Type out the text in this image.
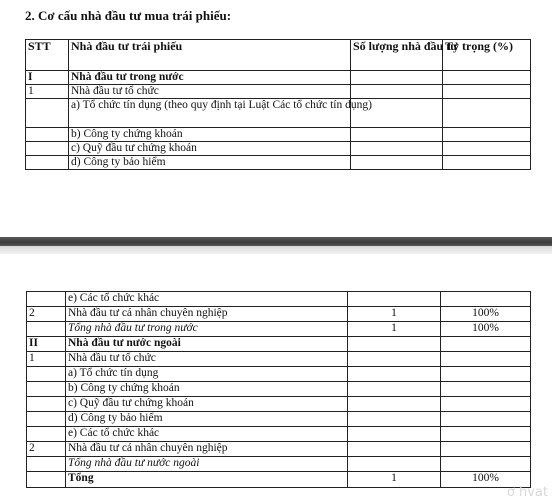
2. Cơ cấu nhà đầu tư mua trái phiếu:
STT	Nhà đầu tư trái phiếu	Số lượng nhà đầu tư	Tỷ trọng (%)
I	Nhà đầu tư trong nước		
1	Nhà đầu tư tổ chức		
	a) Tổ chức tín dụng (theo quy định tại Luật Các tổ chức tín dụng)		
	b) Công ty chứng khoán		
	c) Quỹ đầu tư chứng khoán		
	d) Công ty bảo hiểm		
	e) Các tổ chức khác		
2	Nhà đầu tư cá nhân chuyên nghiệp	1	100%
	Tổng nhà đầu tư trong nước	1	100%
II	Nhà đầu tư nước ngoài		
1	Nhà đầu tư tổ chức		
	a) Tổ chức tín dụng		
	b) Công ty chứng khoán		
	c) Quỹ đầu tư chứng khoán		
	d) Công ty bảo hiểm		
	e) Các tổ chức khác		
2	Nhà đầu tư cá nhân chuyên nghiệp		
	Tổng nhà đầu tư nước ngoài		
	Tổng	1	100%
ơ hvat
